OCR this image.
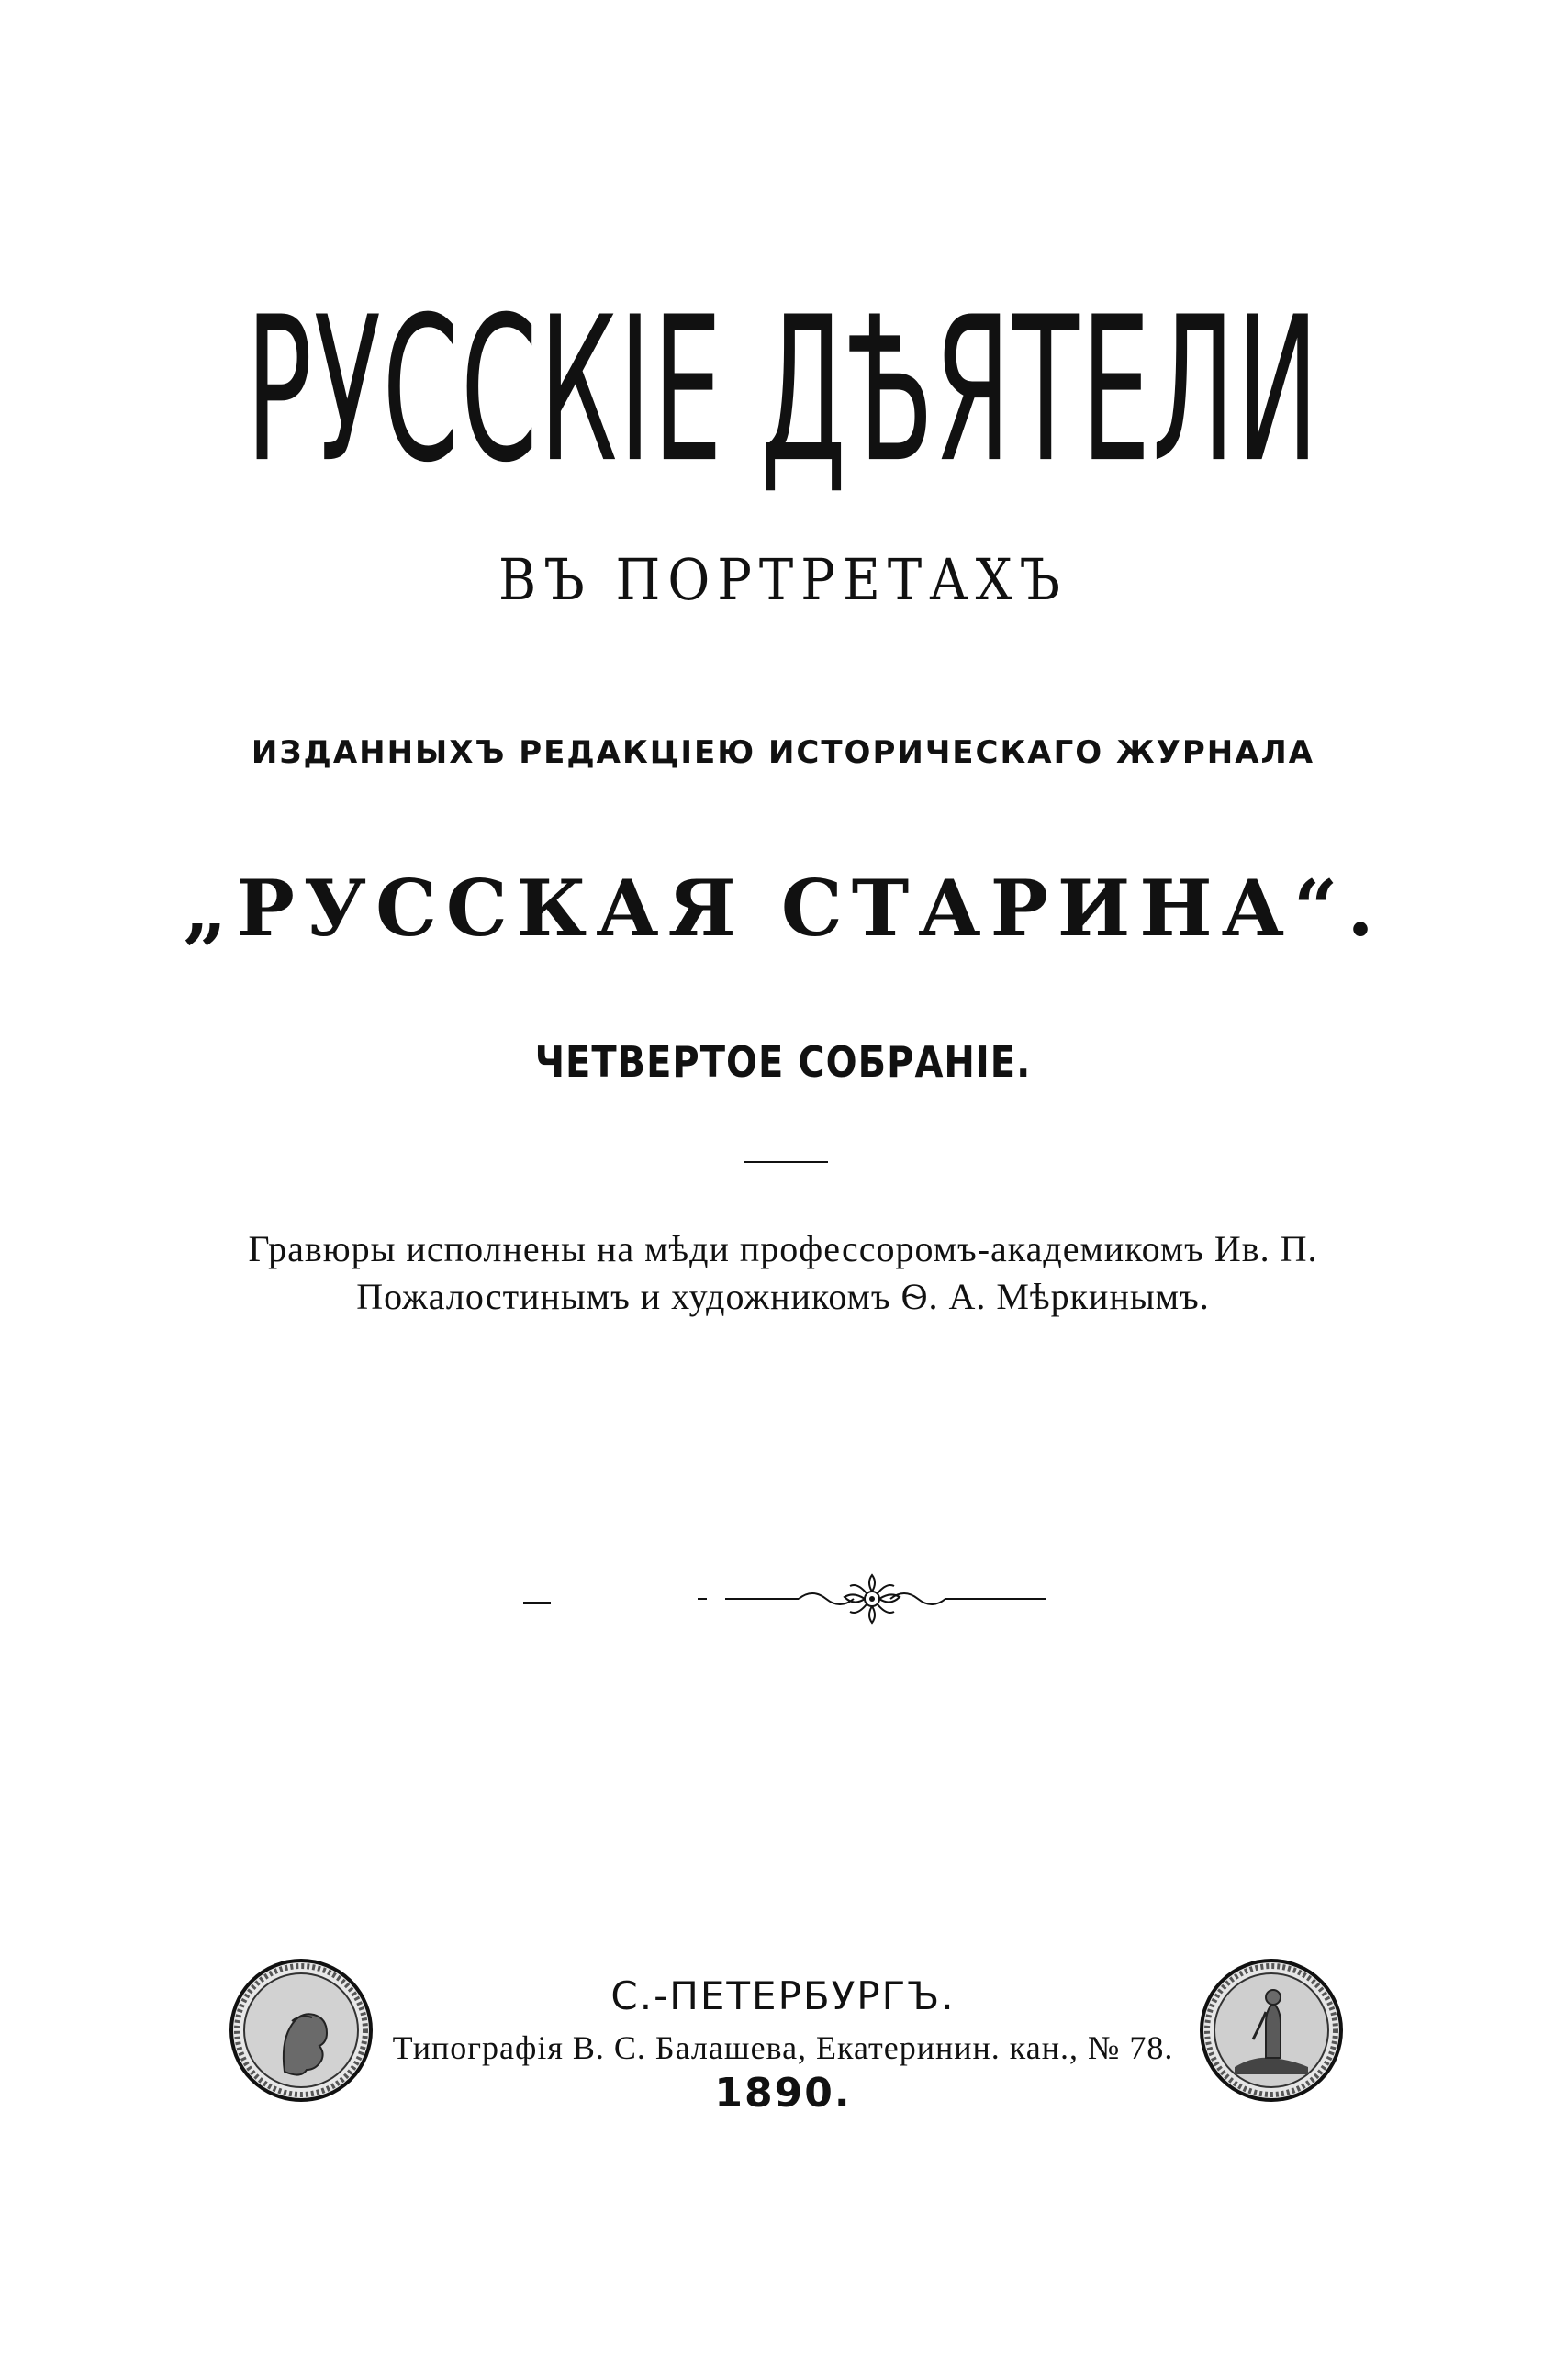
РУССКІЕ ДѢЯТЕЛИ
ВЪ ПОРТРЕТАХЪ
ИЗДАННЫХЪ РЕДАКЦІЕЮ ИСТОРИЧЕСКАГО ЖУРНАЛА
„РУССКАЯ СТАРИНА“.
ЧЕТВЕРТОЕ СОБРАНІЕ.
Гравюры исполнены на мѣди профессоромъ-академикомъ Ив. П.
Пожалостинымъ и художникомъ Ѳ. А. Мѣркинымъ.
С.-ПЕТЕРБУРГЪ.
Типографія В. С. Балашева, Екатеринин. кан., № 78.
1890.
